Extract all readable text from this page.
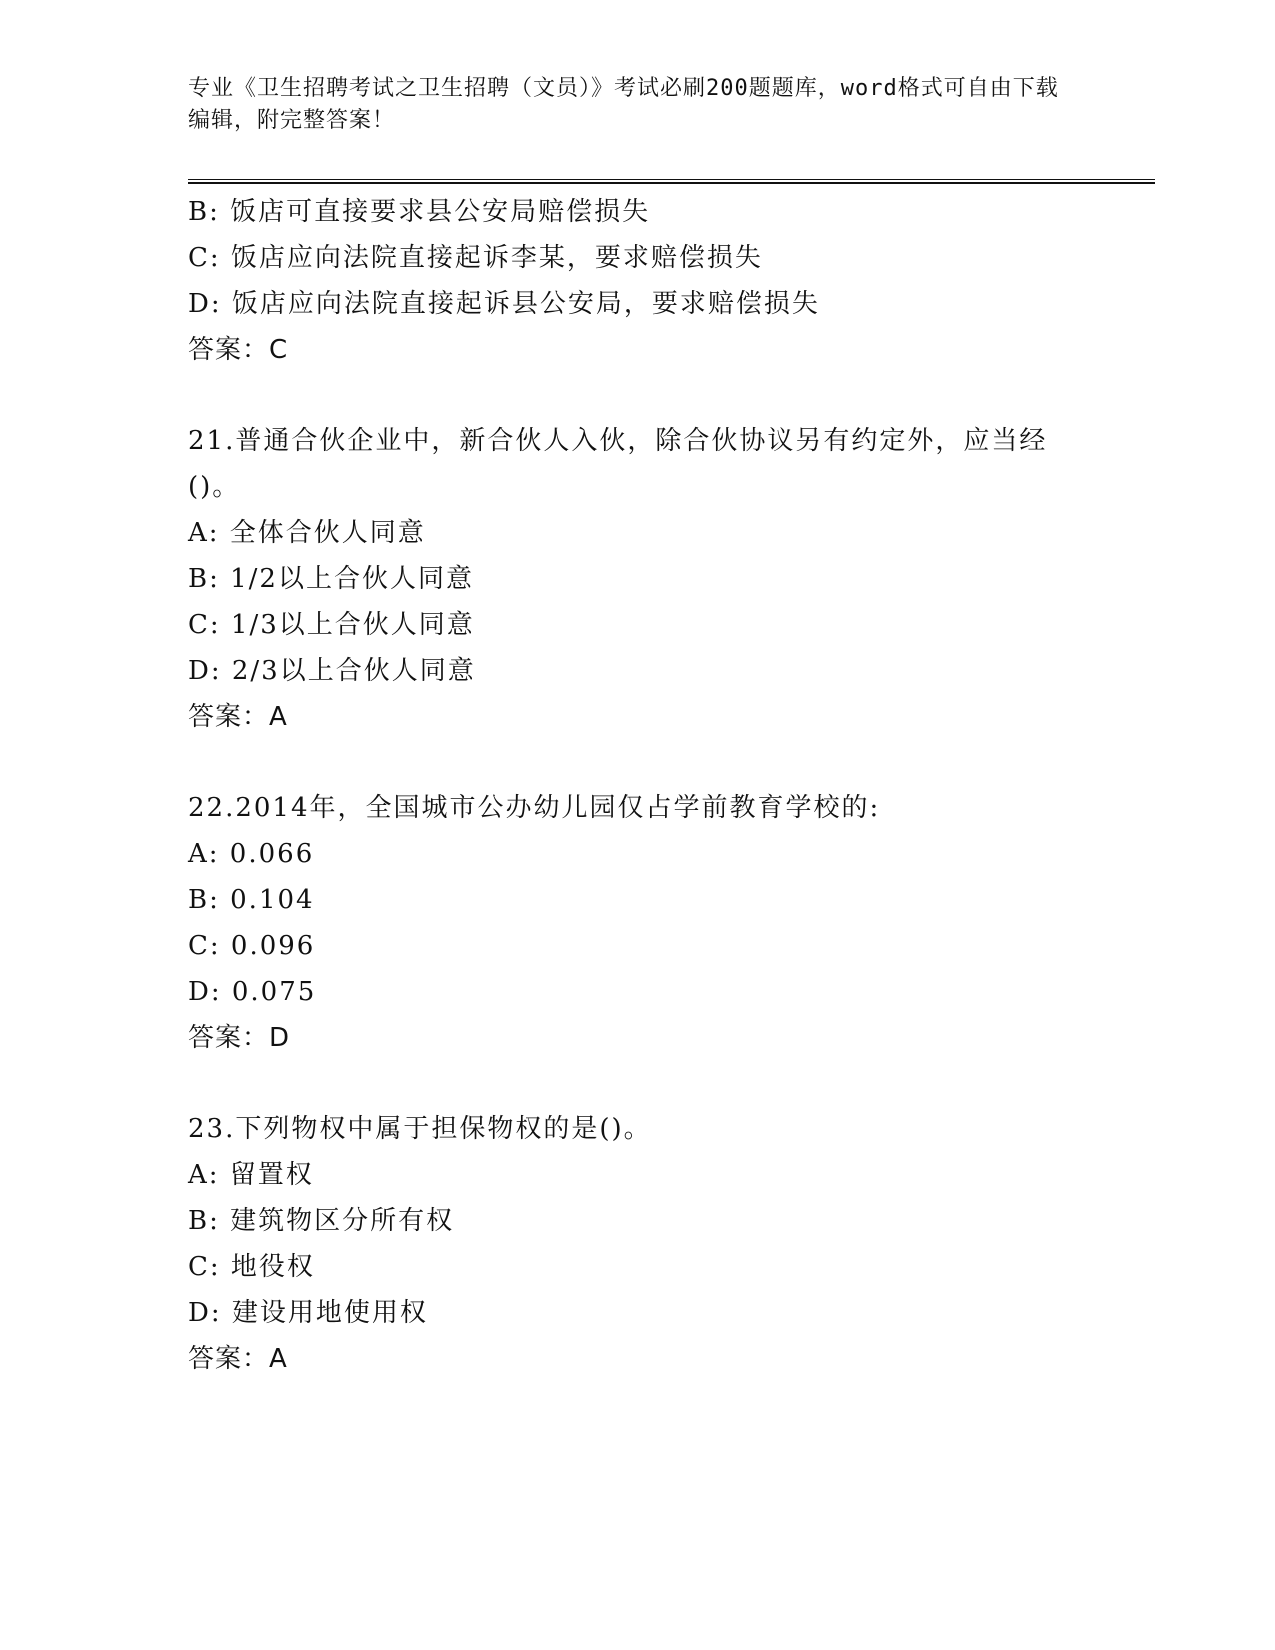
专业《卫生招聘考试之卫生招聘（文员）》考试必刷200题题库，word格式可自由下载编辑，附完整答案！
B: 饭店可直接要求县公安局赔偿损失
C: 饭店应向法院直接起诉李某，要求赔偿损失
D: 饭店应向法院直接起诉县公安局，要求赔偿损失
答案：C
21.普通合伙企业中，新合伙人入伙，除合伙协议另有约定外，应当经()。
A: 全体合伙人同意
B: 1/2以上合伙人同意
C: 1/3以上合伙人同意
D: 2/3以上合伙人同意
答案：A
22.2014年，全国城市公办幼儿园仅占学前教育学校的:
A: 0.066
B: 0.104
C: 0.096
D: 0.075
答案：D
23.下列物权中属于担保物权的是()。
A: 留置权
B: 建筑物区分所有权
C: 地役权
D: 建设用地使用权
答案：A
